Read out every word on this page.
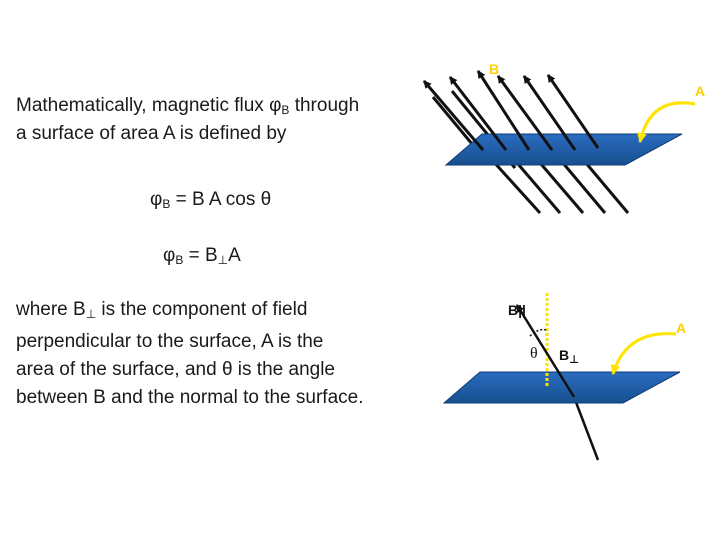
Mathematically, magnetic flux $\varphi_B$ through
a surface of area A is defined by
$\varphi_B = B$ A cos θ
$\varphi_B = B_\perp A$
where $B_\perp$ is the component of field
perpendicular to the surface, A is the
area of the surface, and θ is the angle
between B and the normal to the surface.
B
A
B||
θ $B_\perp$
A
